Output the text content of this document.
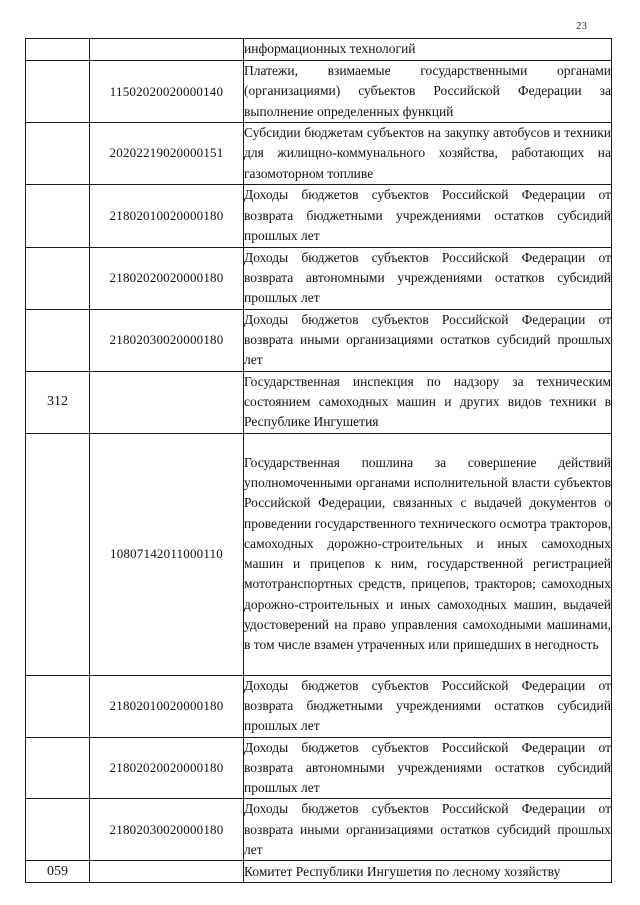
23
		информационных технологий
	11502020020000140	Платежи, взимаемые государственными органами (организациями) субъектов Российской Федерации за выполнение определенных функций
	20202219020000151	Субсидии бюджетам субъектов на закупку автобусов и техники для жилищно-коммунального хозяйства, работающих на газомоторном топливе
	21802010020000180	Доходы бюджетов субъектов Российской Федерации от возврата бюджетными учреждениями остатков субсидий прошлых лет
	21802020020000180	Доходы бюджетов субъектов Российской Федерации от возврата автономными учреждениями остатков субсидий прошлых лет
	21802030020000180	Доходы бюджетов субъектов Российской Федерации от возврата иными организациями остатков субсидий прошлых лет
312		Государственная инспекция по надзору за техническим состоянием самоходных машин и других видов техники в Республике Ингушетия
	10807142011000110	Государственная пошлина за совершение действий уполномоченными органами исполнительной власти субъектов Российской Федерации, связанных с выдачей документов о проведении государственного технического осмотра тракторов, самоходных дорожно-строительных и иных самоходных машин и прицепов к ним, государственной регистрацией мототранспортных средств, прицепов, тракторов; самоходных дорожно-строительных и иных самоходных машин, выдачей удостоверений на право управления самоходными машинами, в том числе взамен утраченных или пришедших в негодность
	21802010020000180	Доходы бюджетов субъектов Российской Федерации от возврата бюджетными учреждениями остатков субсидий прошлых лет
	21802020020000180	Доходы бюджетов субъектов Российской Федерации от возврата автономными учреждениями остатков субсидий прошлых лет
	21802030020000180	Доходы бюджетов субъектов Российской Федерации от возврата иными организациями остатков субсидий прошлых лет
059		Комитет Республики Ингушетия по лесному хозяйству
